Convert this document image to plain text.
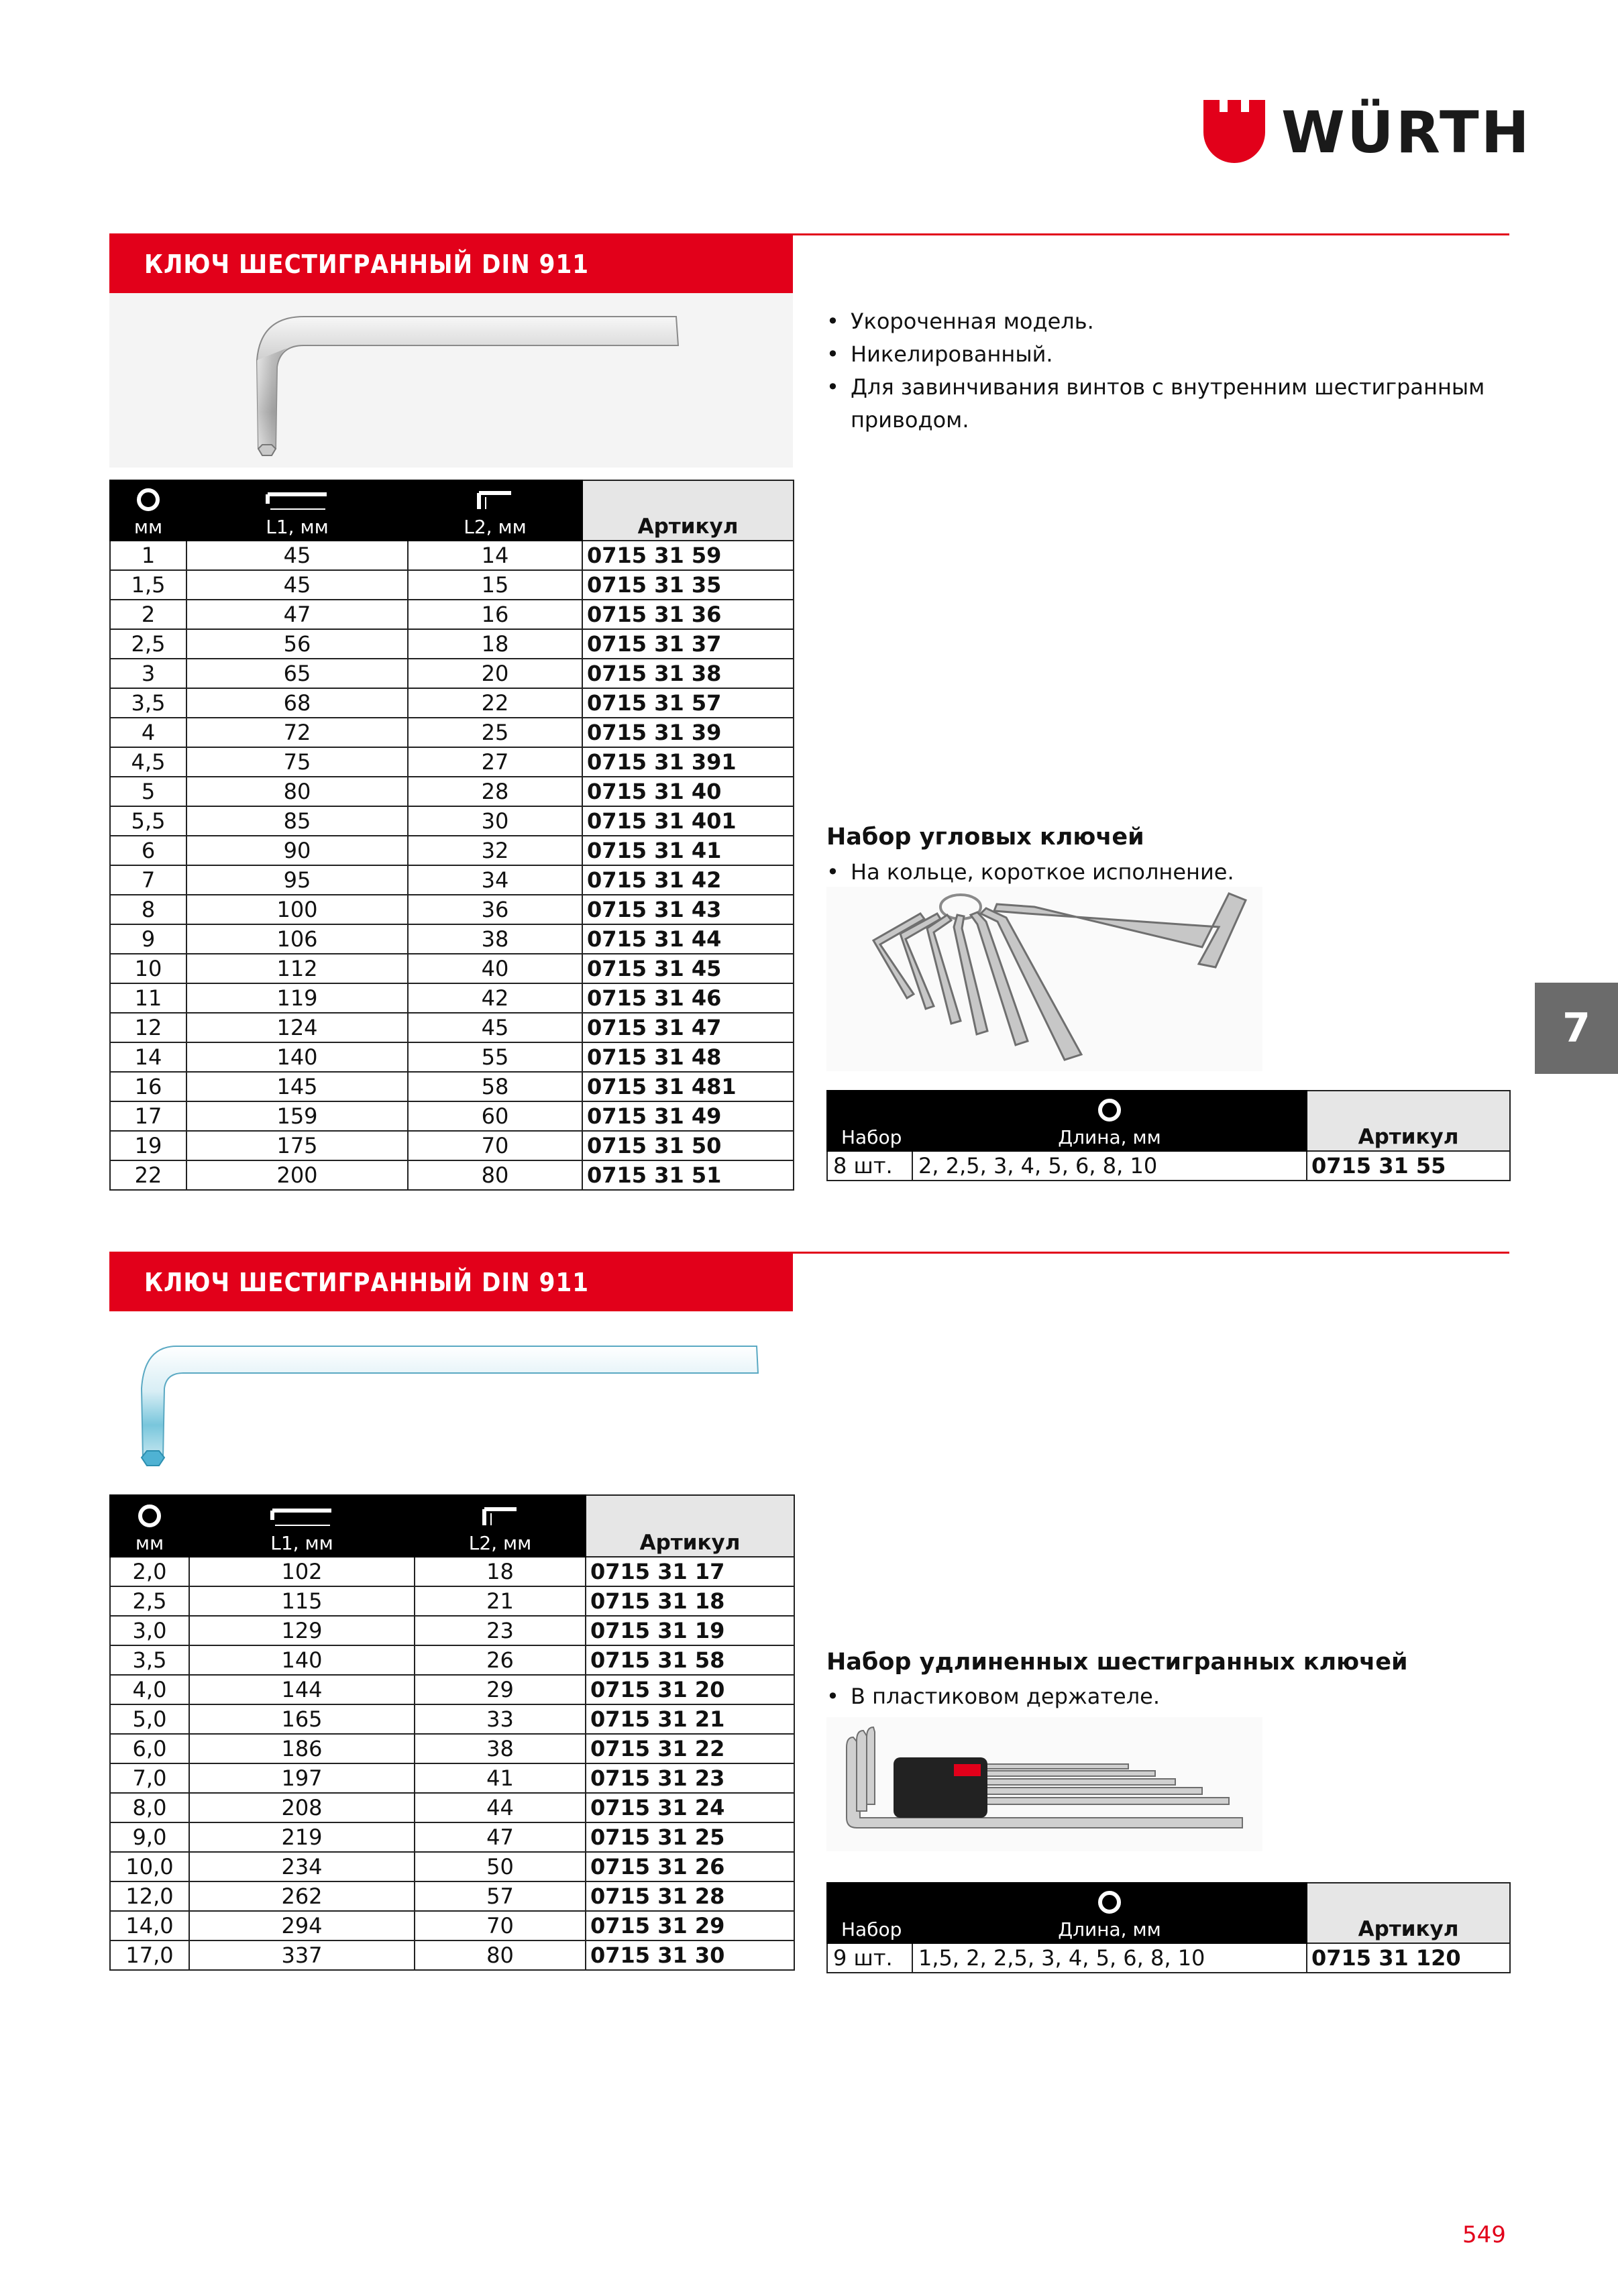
WÜRTH
КЛЮЧ ШЕСТИГРАННЫЙ DIN 911
• Укороченная модель.
• Никелированный.
• Для завинчивания винтов с внутренним шестигранным приводом.
мм	L1, мм	L2, мм	Артикул
1	45	14	0715 31 59
1,5	45	15	0715 31 35
2	47	16	0715 31 36
2,5	56	18	0715 31 37
3	65	20	0715 31 38
3,5	68	22	0715 31 57
4	72	25	0715 31 39
4,5	75	27	0715 31 391
5	80	28	0715 31 40
5,5	85	30	0715 31 401
6	90	32	0715 31 41
7	95	34	0715 31 42
8	100	36	0715 31 43
9	106	38	0715 31 44
10	112	40	0715 31 45
11	119	42	0715 31 46
12	124	45	0715 31 47
14	140	55	0715 31 48
16	145	58	0715 31 481
17	159	60	0715 31 49
19	175	70	0715 31 50
22	200	80	0715 31 51
Набор угловых ключей
• На кольце, короткое исполнение.
Набор	Длина, мм	Артикул
8 шт.	2, 2,5, 3, 4, 5, 6, 8, 10	0715 31 55
7
КЛЮЧ ШЕСТИГРАННЫЙ DIN 911
мм	L1, мм	L2, мм	Артикул
2,0	102	18	0715 31 17
2,5	115	21	0715 31 18
3,0	129	23	0715 31 19
3,5	140	26	0715 31 58
4,0	144	29	0715 31 20
5,0	165	33	0715 31 21
6,0	186	38	0715 31 22
7,0	197	41	0715 31 23
8,0	208	44	0715 31 24
9,0	219	47	0715 31 25
10,0	234	50	0715 31 26
12,0	262	57	0715 31 28
14,0	294	70	0715 31 29
17,0	337	80	0715 31 30
Набор удлиненных шестигранных ключей
• В пластиковом держателе.
Набор	Длина, мм	Артикул
9 шт.	1,5, 2, 2,5, 3, 4, 5, 6, 8, 10	0715 31 120
549
